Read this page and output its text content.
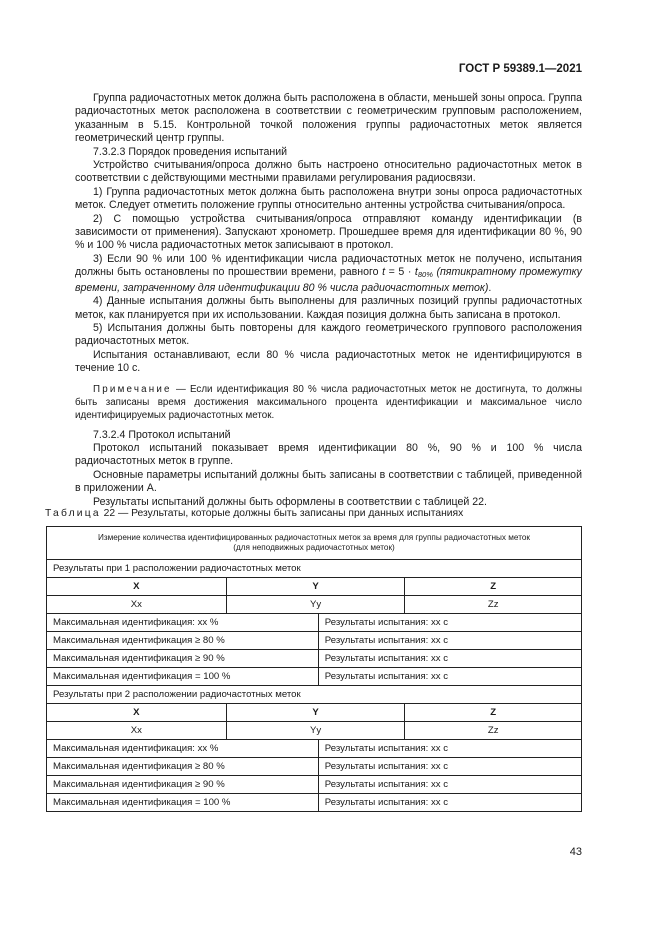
ГОСТ Р 59389.1—2021

Группа радиочастотных меток должна быть расположена в области, меньшей зоны опроса. Группа радиочастотных меток расположена в соответствии с геометрическим групповым расположением, указанным в 5.15. Контрольной точкой положения группы радиочастотных меток является геометрический центр группы.

7.3.2.3 Порядок проведения испытаний

Устройство считывания/опроса должно быть настроено относительно радиочастотных меток в соответствии с действующими местными правилами регулирования радиосвязи.

1) Группа радиочастотных меток должна быть расположена внутри зоны опроса радиочастотных меток. Следует отметить положение группы относительно антенны устройства считывания/опроса.

2) С помощью устройства считывания/опроса отправляют команду идентификации (в зависимости от применения). Запускают хронометр. Прошедшее время для идентификации 80 %, 90 % и 100 % числа радиочастотных меток записывают в протокол.

3) Если 90 % или 100 % идентификации числа радиочастотных меток не получено, испытания должны быть остановлены по прошествии времени, равного $t = 5 \cdot t_{80\%}$ (пятикратному промежутку времени, затраченному для идентификации 80 % числа радиочастотных меток).

4) Данные испытания должны быть выполнены для различных позиций группы радиочастотных меток, как планируется при их использовании. Каждая позиция должна быть записана в протокол.

5) Испытания должны быть повторены для каждого геометрического группового расположения радиочастотных меток.

Испытания останавливают, если 80 % числа радиочастотных меток не идентифицируются в течение 10 с.

Примечание — Если идентификация 80 % числа радиочастотных меток не достигнута, то должны быть записаны время достижения максимального процента идентификации и максимальное число идентифицируемых радиочастотных меток.

7.3.2.4 Протокол испытаний

Протокол испытаний показывает время идентификации 80 %, 90 % и 100 % числа радиочастотных меток в группе.

Основные параметры испытаний должны быть записаны в соответствии с таблицей, приведенной в приложении А.

Результаты испытаний должны быть оформлены в соответствии с таблицей 22.

Таблица 22 — Результаты, которые должны быть записаны при данных испытаниях
Измерение количества идентифицированных радиочастотных меток за время для группы радиочастотных меток
(для неподвижных радиочастотных меток)			
Результаты при 1 расположении радиочастотных меток			
X	Y		Z
Xx	Yy		Zz
Максимальная идентификация: xx %		Результаты испытания: xx c	
Максимальная идентификация ≥ 80 %		Результаты испытания: xx c	
Максимальная идентификация ≥ 90 %		Результаты испытания: xx c	
Максимальная идентификация = 100 %		Результаты испытания: xx c	
Результаты при 2 расположении радиочастотных меток			
X	Y		Z
Xx	Yy		Zz
Максимальная идентификация: xx %		Результаты испытания: xx c	
Максимальная идентификация ≥ 80 %		Результаты испытания: xx c	
Максимальная идентификация ≥ 90 %		Результаты испытания: xx c	
Максимальная идентификация = 100 %		Результаты испытания: xx c	
43
